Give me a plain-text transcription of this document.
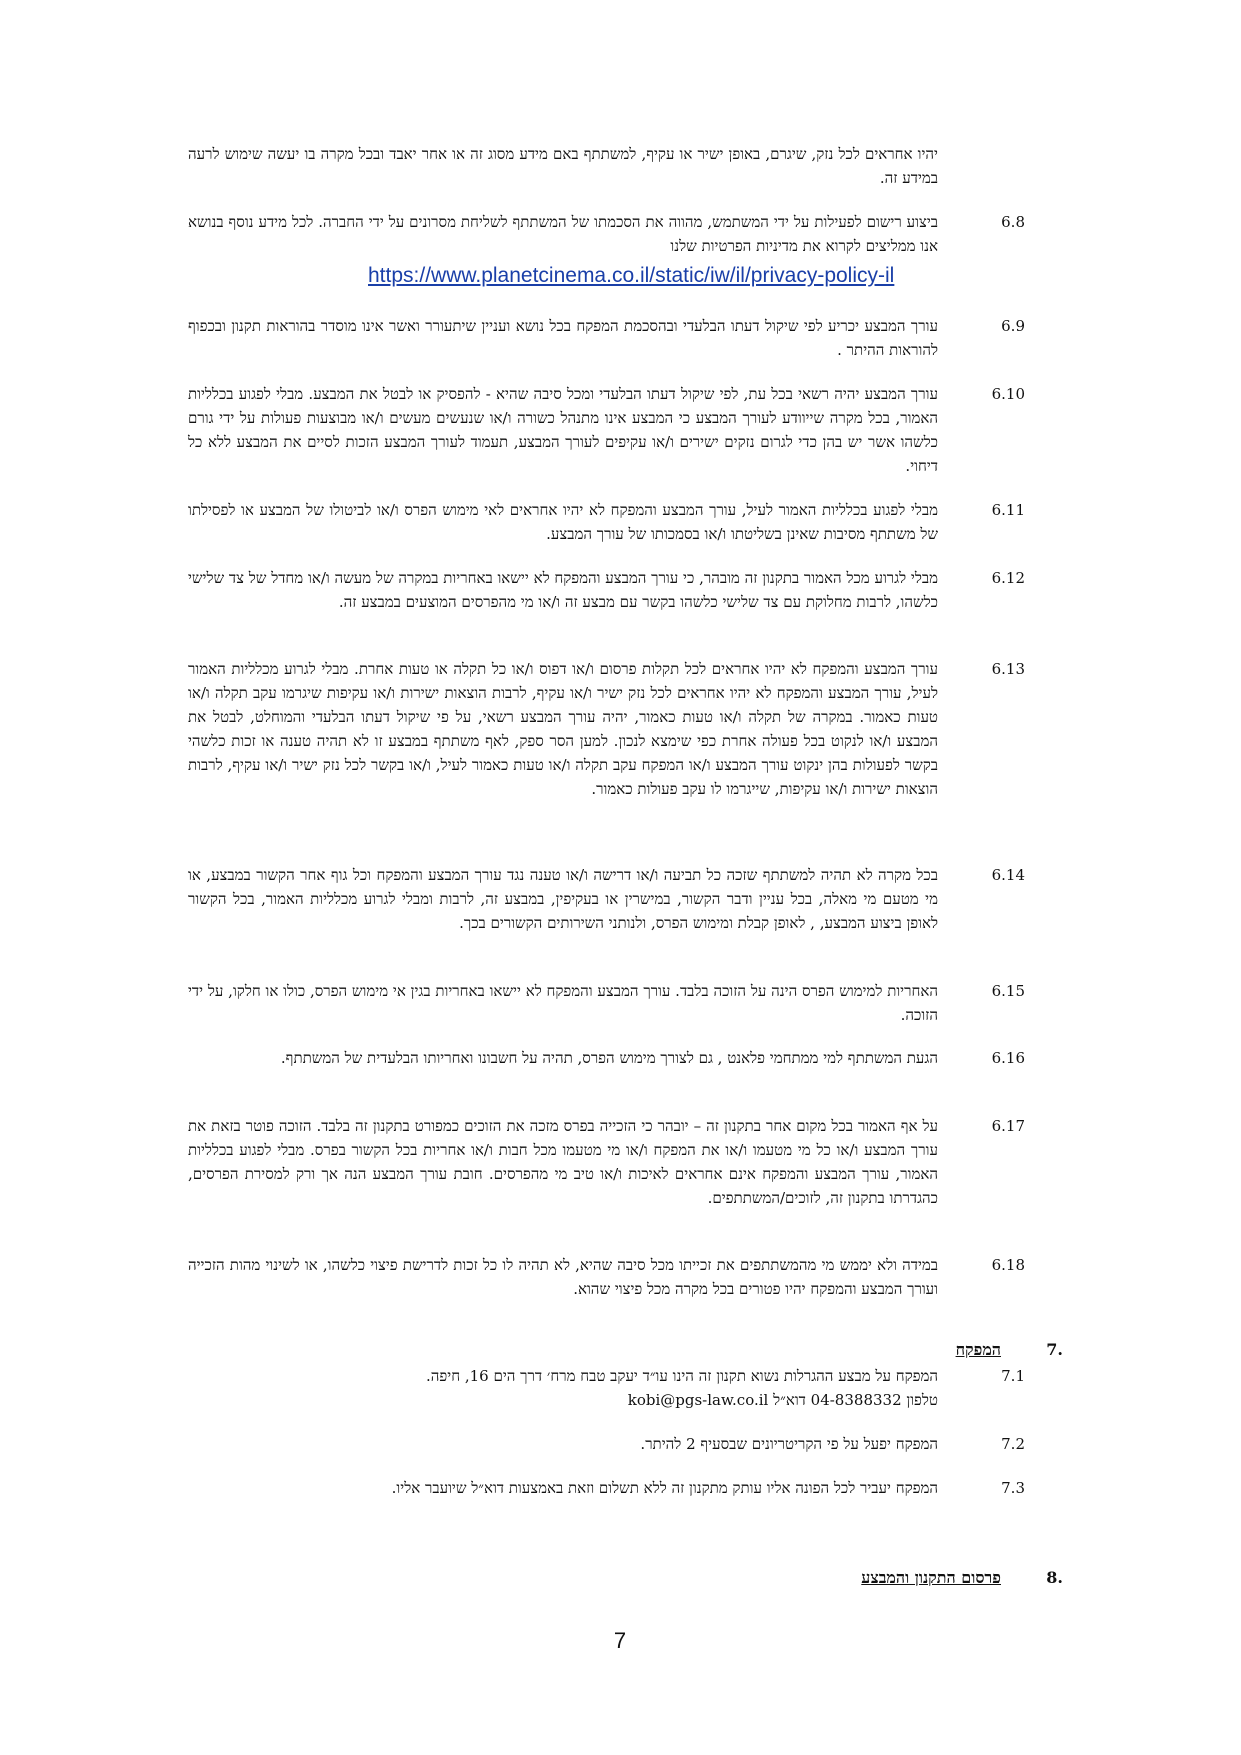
יהיו אחראים לכל נזק, שיגרם, באופן ישיר או עקיף, למשתתף באם מידע מסוג זה או אחר יאבד ובכל מקרה בו יעשה שימוש לרעה במידע זה.

6.8

ביצוע רישום לפעילות על ידי המשתמש, מהווה את הסכמתו של המשתתף לשליחת מסרונים על ידי החברה. לכל מידע נוסף בנושא אנו ממליצים לקרוא את מדיניות הפרטיות שלנו

https://www.planetcinema.co.il/static/iw/il/privacy-policy-il
6.9

עורך המבצע יכריע לפי שיקול דעתו הבלעדי ובהסכמת המפקח בכל נושא ועניין שיתעורר ואשר אינו מוסדר בהוראות תקנון ובכפוף להוראות ההיתר .

6.10

עורך המבצע יהיה רשאי בכל עת, לפי שיקול דעתו הבלעדי ומכל סיבה שהיא - להפסיק או לבטל את המבצע. מבלי לפגוע בכלליות האמור, בכל מקרה שייוודע לעורך המבצע כי המבצע אינו מתנהל כשורה ו/או שנעשים מעשים ו/או מבוצעות פעולות על ידי גורם כלשהו אשר יש בהן כדי לגרום נזקים ישירים ו/או עקיפים לעורך המבצע, תעמוד לעורך המבצע הזכות לסיים את המבצע ללא כל דיחוי.

6.11

מבלי לפגוע בכלליות האמור לעיל, עורך המבצע והמפקח לא יהיו אחראים לאי מימוש הפרס ו/או לביטולו של המבצע או לפסילתו של משתתף מסיבות שאינן בשליטתו ו/או בסמכותו של עורך המבצע.

6.12

מבלי לגרוע מכל האמור בתקנון זה מובהר, כי עורך המבצע והמפקח לא יישאו באחריות במקרה של מעשה ו/או מחדל של צד שלישי כלשהו, לרבות מחלוקת עם צד שלישי כלשהו בקשר עם מבצע זה ו/או מי מהפרסים המוצעים במבצע זה.

6.13

עורך המבצע והמפקח לא יהיו אחראים לכל תקלות פרסום ו/או דפוס ו/או כל תקלה או טעות אחרת. מבלי לגרוע מכלליות האמור לעיל, עורך המבצע והמפקח לא יהיו אחראים לכל נזק ישיר ו/או עקיף, לרבות הוצאות ישירות ו/או עקיפות שיגרמו עקב תקלה ו/או טעות כאמור. במקרה של תקלה ו/או טעות כאמור, יהיה עורך המבצע רשאי, על פי שיקול דעתו הבלעדי והמוחלט, לבטל את המבצע ו/או לנקוט בכל פעולה אחרת כפי שימצא לנכון. למען הסר ספק, לאף משתתף במבצע זו לא תהיה טענה או זכות כלשהי בקשר לפעולות בהן ינקוט עורך המבצע ו/או המפקח עקב תקלה ו/או טעות כאמור לעיל, ו/או בקשר לכל נזק ישיר ו/או עקיף, לרבות הוצאות ישירות ו/או עקיפות, שייגרמו לו עקב פעולות כאמור.

6.14

בכל מקרה לא תהיה למשתתף שזכה כל תביעה ו/או דרישה ו/או טענה נגד עורך המבצע והמפקח וכל גוף אחר הקשור במבצע, או מי מטעם מי מאלה, בכל עניין ודבר הקשור, במישרין או בעקיפין, במבצע זה, לרבות ומבלי לגרוע מכלליות האמור, בכל הקשור לאופן ביצוע המבצע, , לאופן קבלת ומימוש הפרס, ולנותני השירותים הקשורים בכך.

6.15

האחריות למימוש הפרס הינה על הזוכה בלבד. עורך המבצע והמפקח לא יישאו באחריות בגין אי מימוש הפרס, כולו או חלקו, על ידי הזוכה.

6.16

הגעת המשתתף למי ממתחמי פלאנט , גם לצורך מימוש הפרס, תהיה על חשבונו ואחריותו הבלעדית של המשתתף.

6.17

על אף האמור בכל מקום אחר בתקנון זה – יובהר כי הזכייה בפרס מזכה את הזוכים כמפורט בתקנון זה בלבד. הזוכה פוטר בזאת את עורך המבצע ו/או כל מי מטעמו ו/או את המפקח ו/או מי מטעמו מכל חבות ו/או אחריות בכל הקשור בפרס. מבלי לפגוע בכלליות האמור, עורך המבצע והמפקח אינם אחראים לאיכות ו/או טיב מי מהפרסים. חובת עורך המבצע הנה אך ורק למסירת הפרסים, כהגדרתו בתקנון זה, לזוכים/המשתתפים.

6.18

במידה ולא יממש מי מהמשתתפים את זכייתו מכל סיבה שהיא, לא תהיה לו כל זכות לדרישת פיצוי כלשהו, או לשינוי מהות הזכייה ועורך המבצע והמפקח יהיו פטורים בכל מקרה מכל פיצוי שהוא.

7.
המפקח
7.1

המפקח על מבצע ההגרלות נשוא תקנון זה הינו עו״ד יעקב טבח מרח׳ דרך הים 16, חיפה.

טלפון 04-8388332 דוא״ל kobi@pgs-law.co.il

7.2

המפקח יפעל על פי הקריטריונים שבסעיף 2 להיתר.

7.3

המפקח יעביר לכל הפונה אליו עותק מתקנון זה ללא תשלום וזאת באמצעות דוא״ל שיועבר אליו.

8.
פרסום התקנון והמבצע
7
